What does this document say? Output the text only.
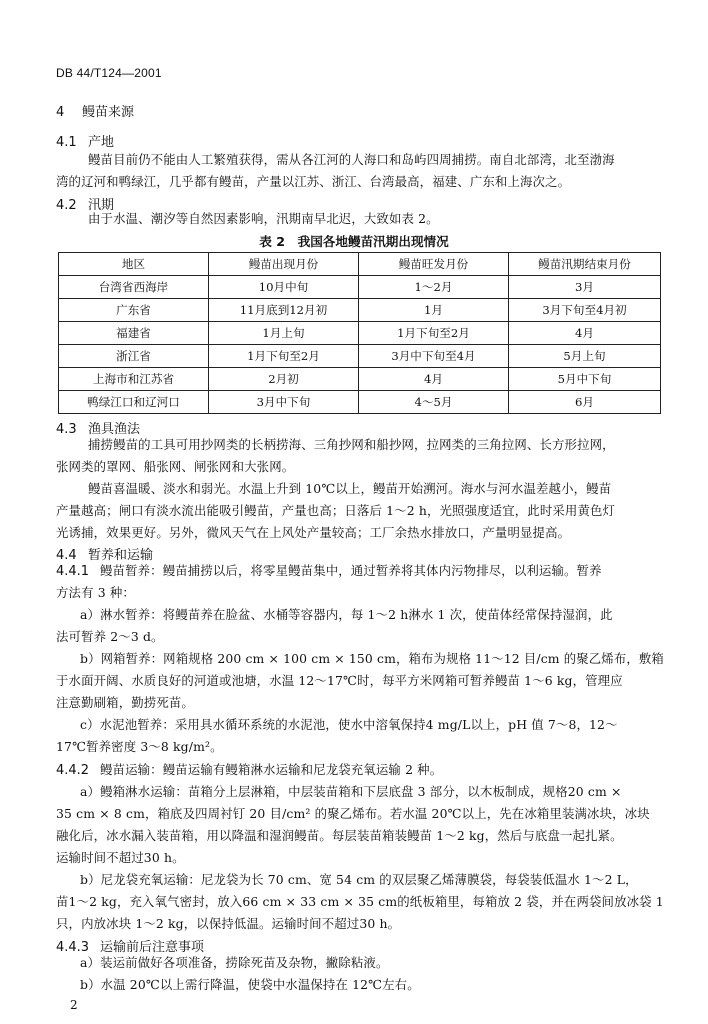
DB 44/T124—2001
4 鳗苗来源
4.1 产地
鳗苗目前仍不能由人工繁殖获得，需从各江河的人海口和岛屿四周捕捞。南自北部湾，北至渤海
湾的辽河和鸭绿江，几乎都有鳗苗，产量以江苏、浙江、台湾最高，福建、广东和上海次之。
4.2 汛期
由于水温、潮汐等自然因素影响，汛期南早北迟，大致如表 2。
表 2　我国各地鳗苗汛期出现情况
地区	鳗苗出现月份	鳗苗旺发月份	鳗苗汛期结束月份
台湾省西海岸	10月中旬	1～2月	3月
广东省	11月底到12月初	1月	3月下旬至4月初
福建省	1月上旬	1月下旬至2月	4月
浙江省	1月下旬至2月	3月中下旬至4月	5月上旬
上海市和江苏省	2月初	4月	5月中下旬
鸭绿江口和辽河口	3月中下旬	4～5月	6月
4.3 渔具渔法
捕捞鳗苗的工具可用抄网类的长柄捞海、三角抄网和船抄网，拉网类的三角拉网、长方形拉网，
张网类的罩网、船张网、闸张网和大张网。
鳗苗喜温暖、淡水和弱光。水温上升到 10℃以上，鳗苗开始溯河。海水与河水温差越小，鳗苗
产量越高；闸口有淡水流出能吸引鳗苗，产量也高；日落后 1～2 h，光照强度适宜，此时采用黄色灯
光诱捕，效果更好。另外，微风天气在上风处产量较高；工厂余热水排放口，产量明显提高。
4.4 暂养和运输
4.4.1 鳗苗暂养：鳗苗捕捞以后，将零星鳗苗集中，通过暂养将其体内污物排尽，以利运输。暂养
方法有 3 种：
a）淋水暂养：将鳗苗养在脸盆、水桶等容器内，每 1～2 h淋水 1 次，使苗体经常保持湿润，此
法可暂养 2～3 d。
b）网箱暂养：网箱规格 200 cm × 100 cm × 150 cm，箱布为规格 11～12 目/cm 的聚乙烯布，敷箱
于水面开阔、水质良好的河道或池塘，水温 12～17℃时，每平方米网箱可暂养鳗苗 1～6 kg，管理应
注意勤刷箱，勤捞死苗。
c）水泥池暂养：采用具水循环系统的水泥池，使水中溶氧保持4 mg/L以上，pH 值 7～8，12～
17℃暂养密度 3～8 kg/m²。
4.4.2 鳗苗运输：鳗苗运输有鳗箱淋水运输和尼龙袋充氧运输 2 种。
a）鳗箱淋水运输：苗箱分上层淋箱，中层装苗箱和下层底盘 3 部分，以木板制成，规格20 cm ×
35 cm × 8 cm，箱底及四周衬钉 20 目/cm² 的聚乙烯布。若水温 20℃以上，先在冰箱里装满冰块，冰块
融化后，冰水漏入装苗箱，用以降温和湿润鳗苗。每层装苗箱装鳗苗 1～2 kg，然后与底盘一起扎紧。
运输时间不超过30 h。
b）尼龙袋充氧运输：尼龙袋为长 70 cm、宽 54 cm 的双层聚乙烯薄膜袋，每袋装低温水 1～2 L，
苗1～2 kg，充入氧气密封，放入66 cm × 33 cm × 35 cm的纸板箱里，每箱放 2 袋，并在两袋间放冰袋 1
只，内放冰块 1～2 kg，以保持低温。运输时间不超过30 h。
4.4.3 运输前后注意事项
a）装运前做好各项准备，捞除死苗及杂物，撇除粘液。
b）水温 20℃以上需行降温，使袋中水温保持在 12℃左右。
2
